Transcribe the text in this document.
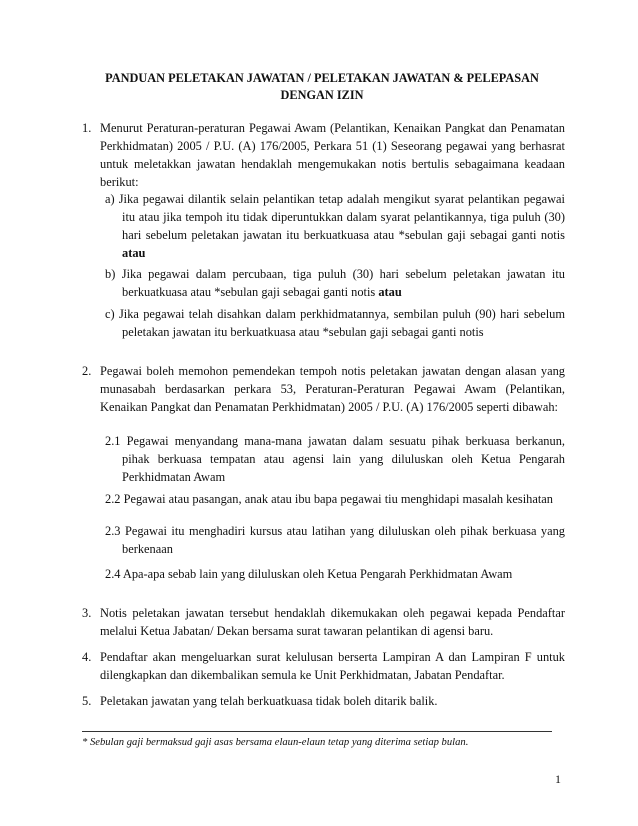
PANDUAN PELETAKAN JAWATAN / PELETAKAN JAWATAN & PELEPASAN
DENGAN IZIN
1. Menurut Peraturan-peraturan Pegawai Awam (Pelantikan, Kenaikan Pangkat dan Penamatan Perkhidmatan) 2005 / P.U. (A) 176/2005, Perkara 51 (1) Seseorang pegawai yang berhasrat untuk meletakkan jawatan hendaklah mengemukakan notis bertulis sebagaimana keadaan berikut:
a) Jika pegawai dilantik selain pelantikan tetap adalah mengikut syarat pelantikan pegawai itu atau jika tempoh itu tidak diperuntukkan dalam syarat pelantikannya, tiga puluh (30) hari sebelum peletakan jawatan itu berkuatkuasa atau *sebulan gaji sebagai ganti notis atau
b) Jika pegawai dalam percubaan, tiga puluh (30) hari sebelum peletakan jawatan itu berkuatkuasa atau *sebulan gaji sebagai ganti notis atau
c) Jika pegawai telah disahkan dalam perkhidmatannya, sembilan puluh (90) hari sebelum peletakan jawatan itu berkuatkuasa atau *sebulan gaji sebagai ganti notis
2. Pegawai boleh memohon pemendekan tempoh notis peletakan jawatan dengan alasan yang munasabah berdasarkan perkara 53, Peraturan-Peraturan Pegawai Awam (Pelantikan, Kenaikan Pangkat dan Penamatan Perkhidmatan) 2005 / P.U. (A) 176/2005 seperti dibawah:
2.1 Pegawai menyandang mana-mana jawatan dalam sesuatu pihak berkuasa berkanun, pihak berkuasa tempatan atau agensi lain yang diluluskan oleh Ketua Pengarah Perkhidmatan Awam
2.2 Pegawai atau pasangan, anak atau ibu bapa pegawai tiu menghidapi masalah kesihatan
2.3 Pegawai itu menghadiri kursus atau latihan yang diluluskan oleh pihak berkuasa yang berkenaan
2.4 Apa-apa sebab lain yang diluluskan oleh Ketua Pengarah Perkhidmatan Awam
3. Notis peletakan jawatan tersebut hendaklah dikemukakan oleh pegawai kepada Pendaftar melalui Ketua Jabatan/ Dekan bersama surat tawaran pelantikan di agensi baru.
4. Pendaftar akan mengeluarkan surat kelulusan berserta Lampiran A dan Lampiran F untuk dilengkapkan dan dikembalikan semula ke Unit Perkhidmatan, Jabatan Pendaftar.
5. Peletakan jawatan yang telah berkuatkuasa tidak boleh ditarik balik.
* Sebulan gaji bermaksud gaji asas bersama elaun-elaun tetap yang diterima setiap bulan.
1
